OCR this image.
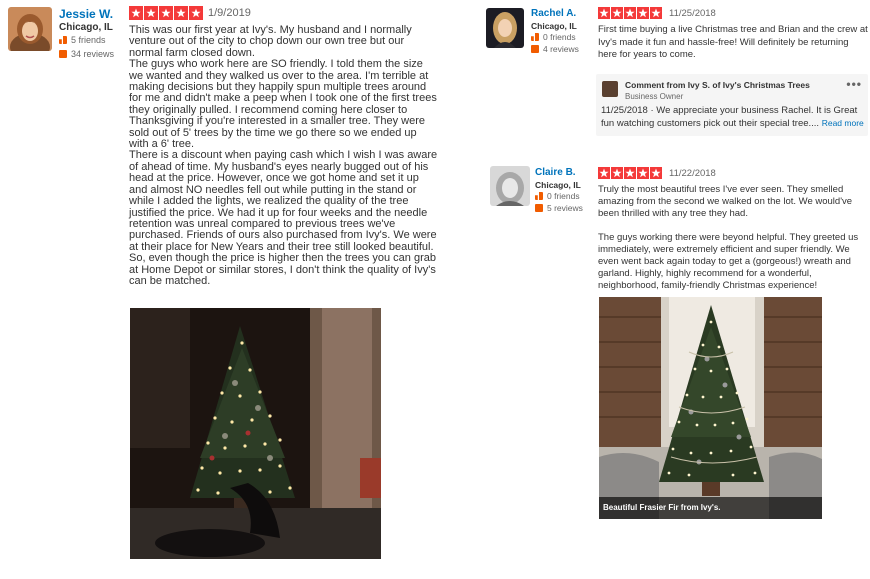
Jessie W.
Chicago, IL
5 friends
34 reviews
1/9/2019

This was our first year at Ivy's. My husband and I normally venture out of the city to chop down our own tree but our normal farm closed down.

The guys who work here are SO friendly. I told them the size we wanted and they walked us over to the area. I'm terrible at making decisions but they happily spun multiple trees around for me and didn't make a peep when I took one of the first trees they originally pulled. I recommend coming here closer to Thanksgiving if you're interested in a smaller tree. They were sold out of 5' trees by the time we go there so we ended up with a 6' tree.

There is a discount when paying cash which I wish I was aware of ahead of time. My husband's eyes nearly bugged out of his head at the price. However, once we got home and set it up and almost NO needles fell out while putting in the stand or while I added the lights, we realized the quality of the tree justified the price. We had it up for four weeks and the needle retention was unreal compared to previous trees we've purchased. Friends of ours also purchased from Ivy's. We were at their place for New Years and their tree still looked beautiful. So, even though the price is higher then the trees you can grab at Home Depot or similar stores, I don't think the quality of Ivy's can be matched.

Rachel A.
Chicago, IL
0 friends
4 reviews
11/25/2018

First time buying a live Christmas tree and Brian and the crew at Ivy's made it fun and hassle-free! Will definitely be returning here for years to come.

Comment from Ivy S. of Ivy's Christmas Trees
Business Owner
•••
11/25/2018 · We appreciate your business Rachel. It is Great fun watching customers pick out their special tree.... Read more
Claire B.
Chicago, IL
0 friends
5 reviews
11/22/2018

Truly the most beautiful trees I've ever seen. They smelled amazing from the second we walked on the lot. We would've been thrilled with any tree they had.

The guys working there were beyond helpful. They greeted us immediately, were extremely efficient and super friendly. We even went back again today to get a (gorgeous!) wreath and garland. Highly, highly recommend for a wonderful, neighborhood, family-friendly Christmas experience!

Beautiful Frasier Fir from Ivy's.
